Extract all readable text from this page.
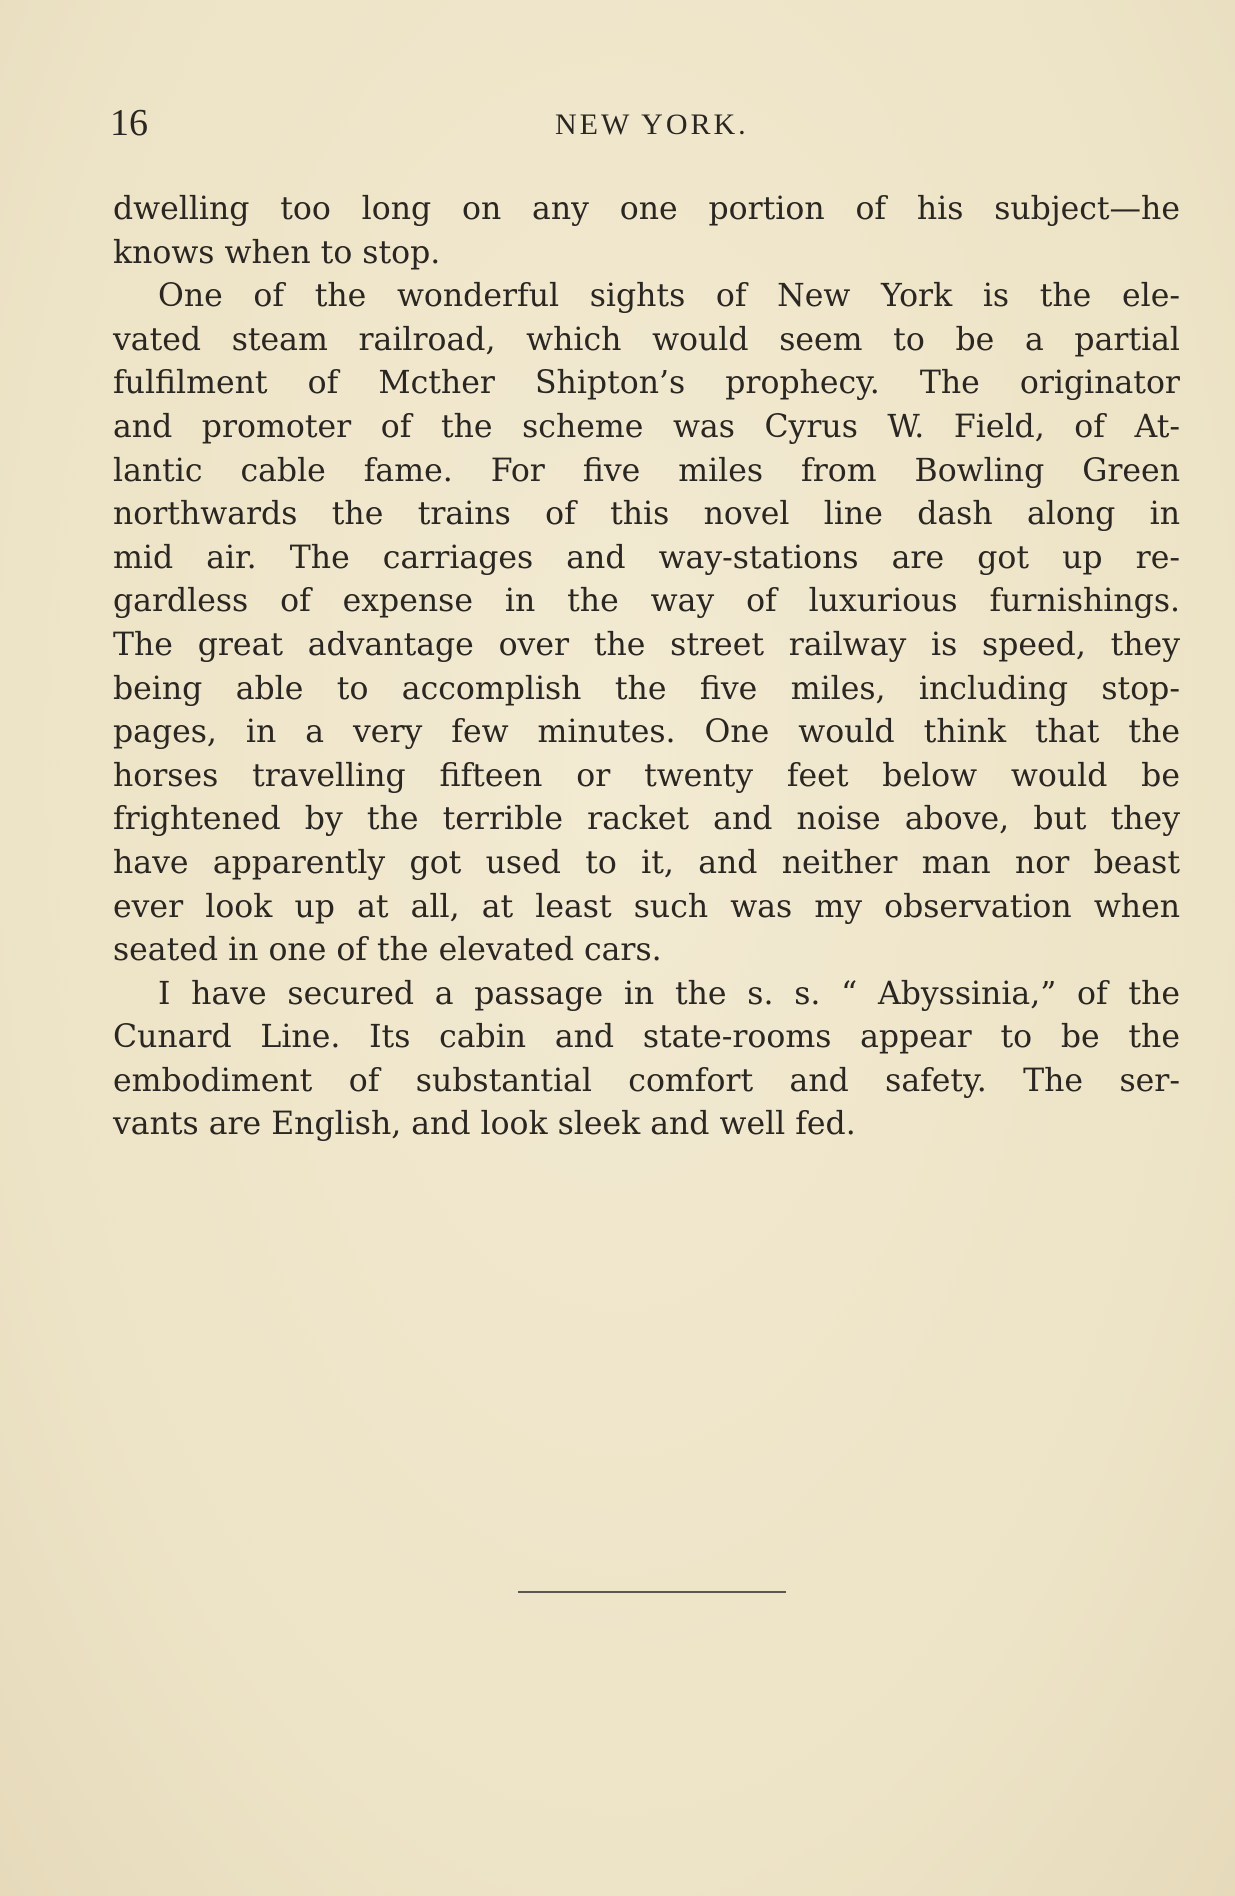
16	NEW YORK.
dwelling too long on any one portion of his subject—he
knows when to stop.
One of the wonderful sights of New York is the ele-
vated steam railroad, which would seem to be a partial
fulfilment of Mcther Shipton’s prophecy. The originator
and promoter of the scheme was Cyrus W. Field, of At-
lantic cable fame. For five miles from Bowling Green
northwards the trains of this novel line dash along in
mid air. The carriages and way-stations are got up re-
gardless of expense in the way of luxurious furnishings.
The great advantage over the street railway is speed, they
being able to accomplish the five miles, including stop-
pages, in a very few minutes. One would think that the
horses travelling fifteen or twenty feet below would be
frightened by the terrible racket and noise above, but they
have apparently got used to it, and neither man nor beast
ever look up at all, at least such was my observation when
seated in one of the elevated cars.
I have secured a passage in the s. s. “ Abyssinia,” of the
Cunard Line. Its cabin and state-rooms appear to be the
embodiment of substantial comfort and safety. The ser-
vants are English, and look sleek and well fed.
